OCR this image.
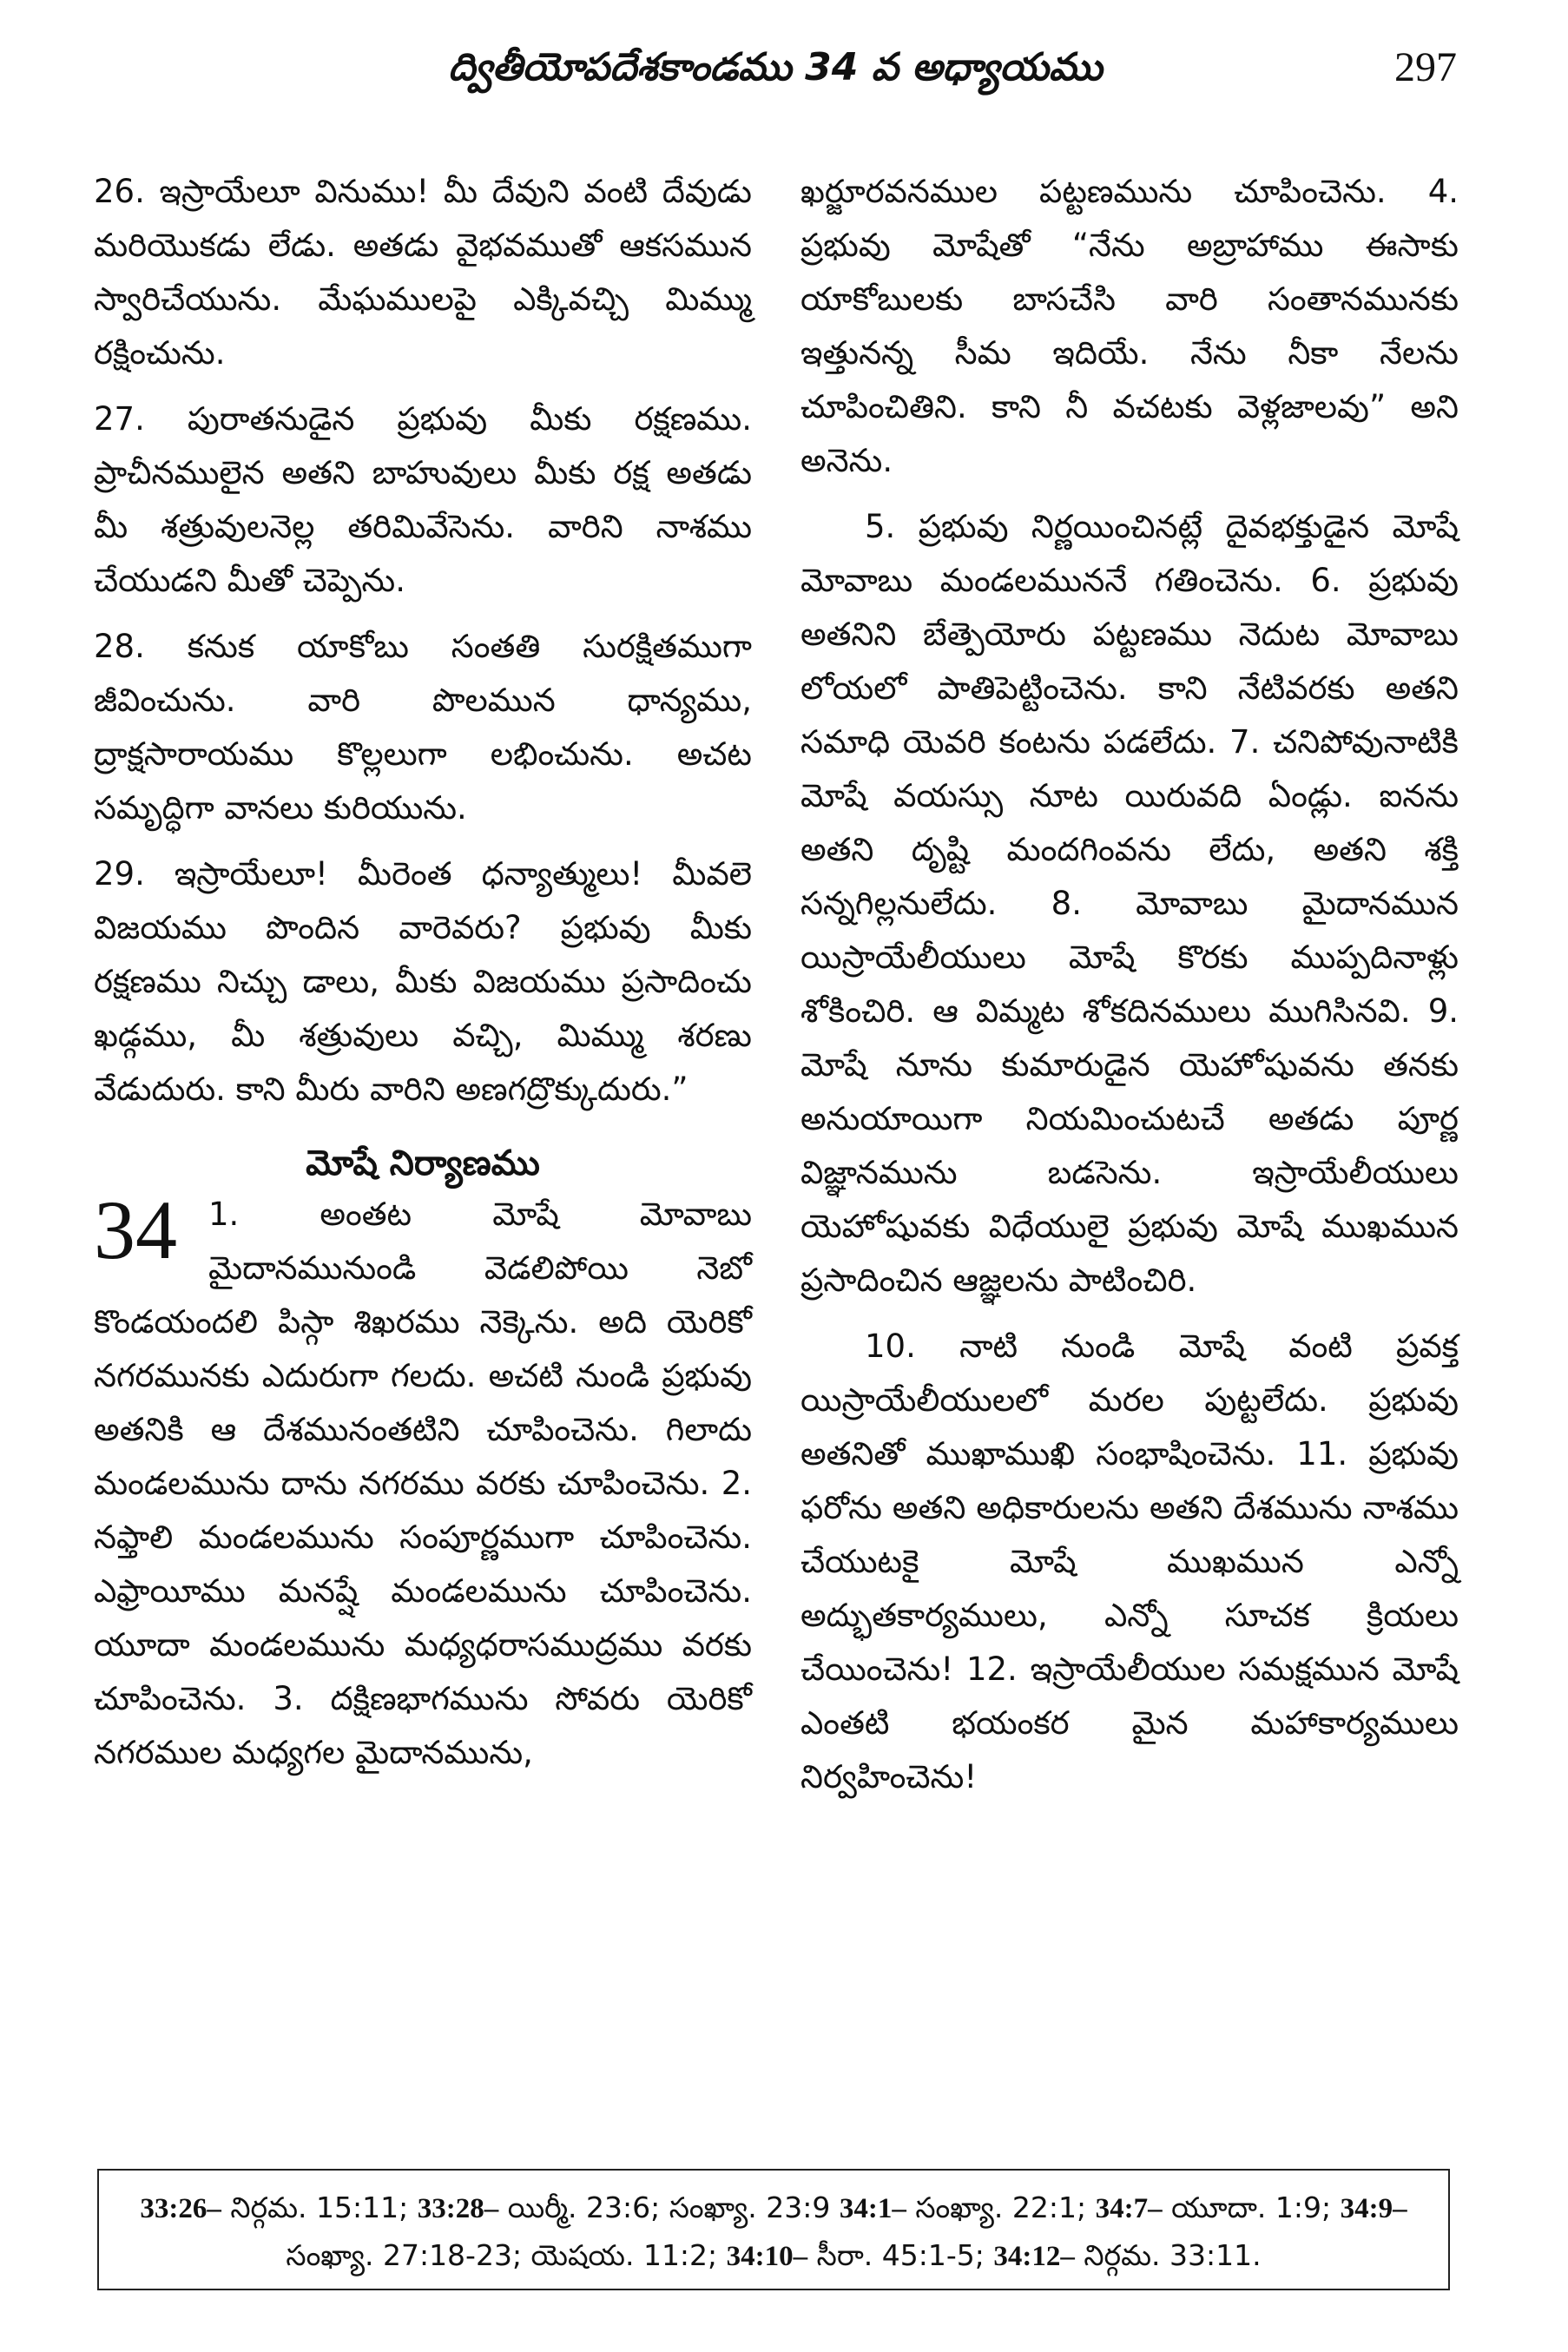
ద్వితీయోపదేశకాండము 34 వ అధ్యాయము	297

26. ఇస్రాయేలూ వినుము! మీ దేవుని వంటి దేవుడు మరియొకడు లేడు. అతడు వైభవముతో ఆకసమున స్వారిచేయును. మేఘములపై ఎక్కివచ్చి మిమ్ము రక్షించును.

27. పురాతనుడైన ప్రభువు మీకు రక్షణము. ప్రాచీనములైన అతని బాహువులు మీకు రక్ష అతడు మీ శత్రువులనెల్ల తరిమివేసెను. వారిని నాశము చేయుడని మీతో చెప్పెను.

28. కనుక యాకోబు సంతతి సురక్షితముగా జీవించును. వారి పొలమున ధాన్యము, ద్రాక్షసారాయము కొల్లలుగా లభించును. అచట సమృద్ధిగా వానలు కురియును.

29. ఇస్రాయేలూ! మీరెంత ధన్యాత్ములు! మీవలె విజయము పొందిన వారెవరు? ప్రభువు మీకు రక్షణము నిచ్చు డాలు, మీకు విజయము ప్రసాదించు ఖడ్గము, మీ శత్రువులు వచ్చి, మిమ్ము శరణు వేడుదురు. కాని మీరు వారిని అణగద్రొక్కుదురు.”

మోషే నిర్యాణము

34 1. అంతట మోషే మోవాబు మైదానమునుండి వెడలిపోయి నెబో కొండయందలి పిస్గా శిఖరము నెక్కెను. అది యెరికో నగరమునకు ఎదురుగా గలదు. అచటి నుండి ప్రభువు అతనికి ఆ దేశమునంతటిని చూపించెను. గిలాదు మండలమును దాను నగరము వరకు చూపించెను. 2. నఫ్తాలి మండలమును సంపూర్ణముగా చూపించెను. ఎఫ్రాయీము మనష్షే మండలమును చూపించెను. యూదా మండలమును మధ్యధరాసముద్రము వరకు చూపించెను. 3. దక్షిణభాగమును సోవరు యెరికో నగరముల మధ్యగల మైదానమును,

ఖర్జూరవనముల పట్టణమును చూపించెను. 4. ప్రభువు మోషేతో “నేను అబ్రాహాము ఈసాకు యాకోబులకు బాసచేసి వారి సంతానమునకు ఇత్తునన్న సీమ ఇదియే. నేను నీకా నేలను చూపించితిని. కాని నీ వచటకు వెళ్లజాలవు” అని అనెను.

5. ప్రభువు నిర్ణయించినట్లే దైవభక్తుడైన మోషే మోవాబు మండలముననే గతించెను. 6. ప్రభువు అతనిని బేత్పెయోరు పట్టణము నెదుట మోవాబు లోయలో పాతిపెట్టించెను. కాని నేటివరకు అతని సమాధి యెవరి కంటను పడలేదు. 7. చనిపోవునాటికి మోషే వయస్సు నూట యిరువది ఏండ్లు. ఐనను అతని దృష్టి మందగింవను లేదు, అతని శక్తి సన్నగిల్లనులేదు. 8. మోవాబు మైదానమున యిస్రాయేలీయులు మోషే కొరకు ముప్పదినాళ్లు శోకించిరి. ఆ విమ్మట శోకదినములు ముగిసినవి. 9. మోషే నూను కుమారుడైన యెహోషువను తనకు అనుయాయిగా నియమించుటచే అతడు పూర్ణ విజ్ఞానమును బడసెను. ఇస్రాయేలీయులు యెహోషువకు విధేయులై ప్రభువు మోషే ముఖమున ప్రసాదించిన ఆజ్ఞలను పాటించిరి.

10. నాటి నుండి మోషే వంటి ప్రవక్త యిస్రాయేలీయులలో మరల పుట్టలేదు. ప్రభువు అతనితో ముఖాముఖి సంభాషించెను. 11. ప్రభువు ఫరోను అతని అధికారులను అతని దేశమును నాశము చేయుటకై మోషే ముఖమున ఎన్నో అద్భుతకార్యములు, ఎన్నో సూచక క్రియలు చేయించెను! 12. ఇస్రాయేలీయుల సమక్షమున మోషే ఎంతటి భయంకర మైన మహాకార్యములు నిర్వహించెను!

33:26– నిర్గమ. 15:11; 33:28– యిర్మీ. 23:6; సంఖ్యా. 23:9 34:1– సంఖ్యా. 22:1; 34:7– యూదా. 1:9; 34:9– సంఖ్యా. 27:18-23; యెషయ. 11:2; 34:10– సీరా. 45:1-5; 34:12– నిర్గమ. 33:11.
